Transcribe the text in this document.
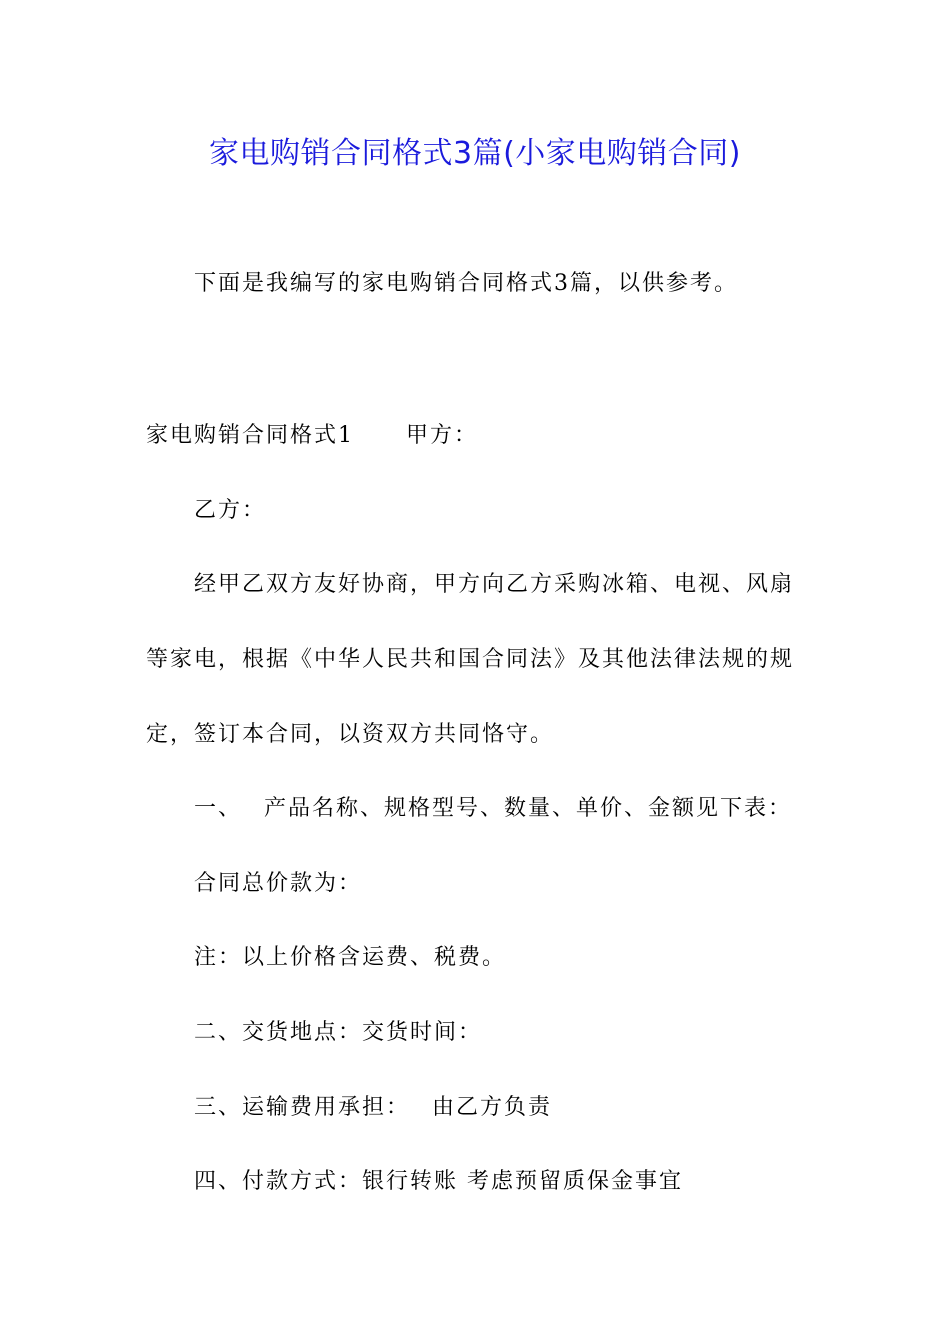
家电购销合同格式3篇(小家电购销合同)
下面是我编写的家电购销合同格式3篇，以供参考。
家电购销合同格式1 甲方：
乙方：
经甲乙双方友好协商，甲方向乙方采购冰箱、电视、风扇
等家电，根据《中华人民共和国合同法》及其他法律法规的规
定，签订本合同，以资双方共同恪守。
一、 产品名称、规格型号、数量、单价、金额见下表：
合同总价款为：
注：以上价格含运费、税费。
二、交货地点：交货时间：
三、运输费用承担： 由乙方负责
四、付款方式：银行转账 考虑预留质保金事宜
